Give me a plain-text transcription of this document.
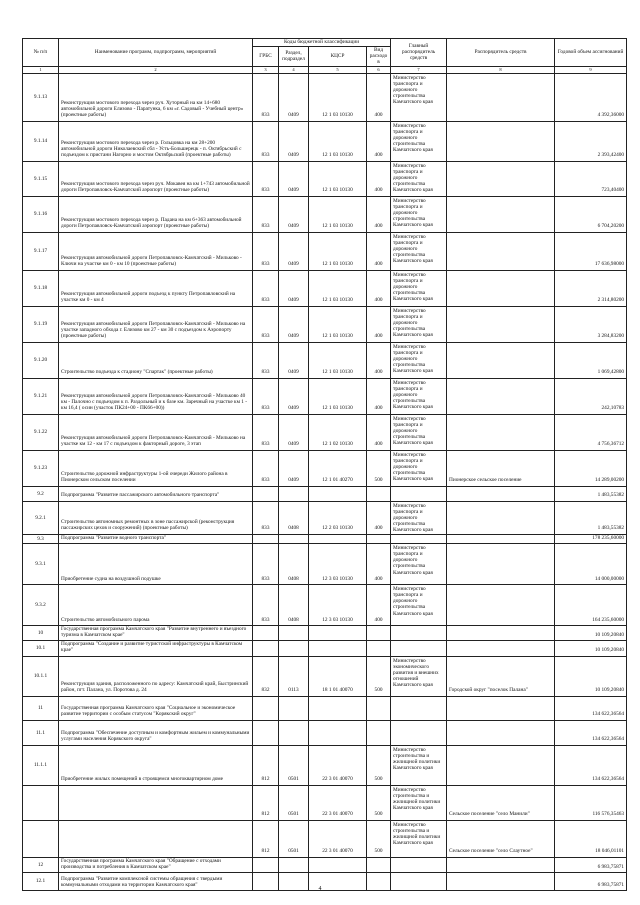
№ п/п	Наименование программ, подпрограмм, мероприятий	Коды бюджетной классификации				Главный распорядитель средств	Распорядитель средств	Годовой объем ассигнований
		ГРБС	Раздел, подраздел	КЦСР	Вид расходов			
1	2	3	4	5	6	7	8	9
9.1.13	Реконструкция мостового перехода через руч. Хуторный на км 14+680 автомобильной дороги Елизово - Паратунка, 6 км «г. Садовый - Учебный центр» (проектные работы)	833	0409	12 1 03 10130	400	Министерство транспорта и дорожного строительства Камчатского края		4 392,36000
9.1.14	Реконструкция мостового перехода через р. Гольцовка на км 28+200 автомобильной дороги Николаевский сбл - Усть-Большерецк - п. Октябрьский с подъездом к пристани Нагорно и мостом Октябрьский (проектные работы)	833	0409	12 1 03 10130	400	Министерство транспорта и дорожного строительства Камчатского края		2 393,42400
9.1.15	Реконструкция мостового перехода через руч. Мокавея на км 1+743 автомобильной дороги Петропавловск-Камчатский аэропорт (проектные работы)	833	0409	12 1 03 10130	400	Министерство транспорта и дорожного строительства Камчатского края		723,40400
9.1.16	Реконструкция мостового перехода через р. Падана на км 6+363 автомобильной дороги Петропавловск-Камчатский аэропорт (проектные работы)	833	0409	12 1 03 10130	400	Министерство транспорта и дорожного строительства Камчатского края		6 704,20200
9.1.17	Реконструкция автомобильной дороги Петропавловск-Камчатский - Мильково - Ключи на участке км 0 - км 10 (проектные работы)	833	0409	12 1 03 10130	400	Министерство транспорта и дорожного строительства Камчатского края		17 636,98000
9.1.18	Реконструкция автомобильной дороги подъезд к пункту Петропавловский на участке км 0 - км 4	833	0409	12 1 03 10130	400	Министерство транспорта и дорожного строительства Камчатского края		2 314,80200
9.1.19	Реконструкция автомобильной дороги Петропавловск-Камчатский - Мильково на участке западного обхода г. Елизово км 27 - км 30 с подъездом к Аэропорту (проектные работы)	833	0409	12 1 03 10130	400	Министерство транспорта и дорожного строительства Камчатского края		3 284,83200
9.1.20	Строительство подъезда к стадиону "Спартак" (проектные работы)	833	0409	12 1 03 10130	400	Министерство транспорта и дорожного строительства Камчатского края		1 069,42800
9.1.21	Реконструкция автомобильной дороги Петропавловск-Камчатский - Мильково 40 км - Палочно с подъездом к п. Раздольный и к базе км. Заречный на участке км 1 - км 16,4 ( осин (участок ПК24+00 - ПК66+00))	833	0409	12 1 03 10130	400	Министерство транспорта и дорожного строительства Камчатского края		242,10783
9.1.22	Реконструкция автомобильной дороги Петропавловск-Камчатский - Мильково на участке км 12 - км 17 с подъездом к факторный дороге, 3 этап	833	0409	12 1 02 10130	400	Министерство транспорта и дорожного строительства Камчатского края		4 756,36712
9.1.23	Строительство дорожной инфраструктуры 1-ой очереди Жилого района в Пионерском сельском поселении	833	0409	12 1 01 40270	500	Министерство транспорта и дорожного строительства Камчатского края	Пионерское сельское поселение	14 289,00200
9.2	Подпрограмма "Развитие пассажирского автомобильного транспорта"							1 483,55382
9.2.1	Строительство автономных ремонтных в зоне пассажирской (реконструкция пассажирских цехов и сооружений) (проектные работы)	833	0408	12 2 03 10130	400	Министерство транспорта и дорожного строительства Камчатского края		1 483,55382
9.3	Подпрограмма "Развитие водного транспорта"							178 235,60000
9.3.1	Приобретение судна на воздушной подушке	833	0408	12 3 03 10130	400	Министерство транспорта и дорожного строительства Камчатского края		14 000,00000
9.3.2	Строительство автомобильного парома	833	0408	12 3 03 10130	400	Министерство транспорта и дорожного строительства Камчатского края		164 235,60000
10	Государственная программа Камчатского края "Развитие внутреннего и въездного туризма в Камчатском крае"							10 109,20840
10.1	Подпрограмма "Создание и развитие туристской инфраструктуры в Камчатском крае"							10 109,20840
10.1.1	Реконструкция здания, расположенного по адресу: Камчатский край, Быстринский район, пгт. Палана, ул. Поротова д. 24	832	0113	18 1 01 40070	500	Министерство экономического развития и внешних отношений Камчатского края	Городской округ "поселок Палана"	10 109,20840
11	Государственная программа Камчатского края "Социальное и экономическое развитие территории с особым статусом "Корякский округ"							134 622,36564
11.1	Подпрограмма "Обеспечение доступным и комфортным жильем и коммунальными услугами населения Корякского округа"							134 622,36564
11.1.1	Приобретение жилых помещений в строящемся многоквартирном доме	812	0501	22 3 01 40070	500	Министерство строительства и жилищной политики Камчатского края		134 622,36564
		812	0501	22 3 01 40070	500	Министерство строительства и жилищной политики Камчатского края	Сельское поселение "село Манили"	116 576,35463
		812	0501	22 3 01 40070	500	Министерство строительства и жилищной политики Камчатского края	Сельское поселение "село Слаутное"	18 046,01101
12	Государственная программа Камчатского края "Обращение с отходами производства и потребления в Камчатском крае"							6 983,75871
12.1	Подпрограмма "Развитие комплексной системы обращения с твердыми коммунальными отходами на территории Камчатского края"							6 983,75871
4
